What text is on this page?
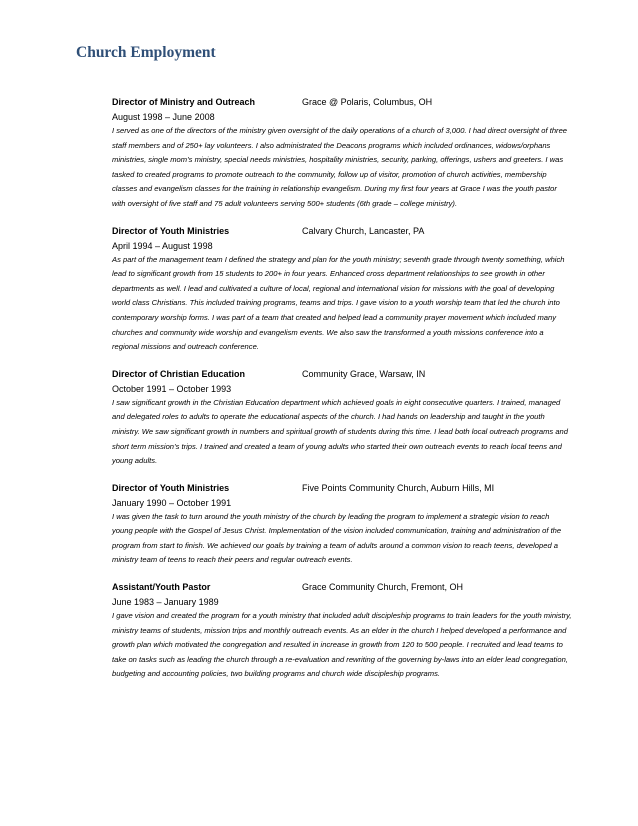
Church Employment
Director of Ministry and Outreach	Grace @ Polaris, Columbus, OH
August 1998 – June 2008

I served as one of the directors of the ministry given oversight of the daily operations of a church of 3,000. I had direct oversight of three staff members and of 250+ lay volunteers. I also administrated the Deacons programs which included ordinances, widows/orphans ministries, single mom’s ministry, special needs ministries, hospitality ministries, security, parking, offerings, ushers and greeters. I was tasked to created programs to promote outreach to the community, follow up of visitor, promotion of church activities, membership classes and evangelism classes for the training in relationship evangelism. During my first four years at Grace I was the youth pastor with oversight of five staff and 75 adult volunteers serving 500+ students (6th grade – college ministry).

Director of Youth Ministries	Calvary Church, Lancaster, PA
April 1994 – August 1998

As part of the management team I defined the strategy and plan for the youth ministry; seventh grade through twenty something, which lead to significant growth from 15 students to 200+ in four years. Enhanced cross department relationships to see growth in other departments as well. I lead and cultivated a culture of local, regional and international vision for missions with the goal of developing world class Christians. This included training programs, teams and trips. I gave vision to a youth worship team that led the church into contemporary worship forms. I was part of a team that created and helped lead a community prayer movement which included many churches and community wide worship and evangelism events. We also saw the transformed a youth missions conference into a regional missions and outreach conference.

Director of Christian Education	Community Grace, Warsaw, IN
October 1991 – October 1993

I saw significant growth in the Christian Education department which achieved goals in eight consecutive quarters. I trained, managed and delegated roles to adults to operate the educational aspects of the church. I had hands on leadership and taught in the youth ministry. We saw significant growth in numbers and spiritual growth of students during this time. I lead both local outreach programs and short term mission’s trips. I trained and created a team of young adults who started their own outreach events to reach local teens and young adults.

Director of Youth Ministries	Five Points Community Church, Auburn Hills, MI
January 1990 – October 1991

I was given the task to turn around the youth ministry of the church by leading the program to implement a strategic vision to reach young people with the Gospel of Jesus Christ. Implementation of the vision included communication, training and administration of the program from start to finish. We achieved our goals by training a team of adults around a common vision to reach teens, developed a ministry team of teens to reach their peers and regular outreach events.

Assistant/Youth Pastor	Grace Community Church, Fremont, OH
June 1983 – January 1989

I gave vision and created the program for a youth ministry that included adult discipleship programs to train leaders for the youth ministry, ministry teams of students, mission trips and monthly outreach events. As an elder in the church I helped developed a performance and growth plan which motivated the congregation and resulted in increase in growth from 120 to 500 people. I recruited and lead teams to take on tasks such as leading the church through a re-evaluation and rewriting of the governing by-laws into an elder lead congregation, budgeting and accounting policies, two building programs and church wide discipleship programs.
